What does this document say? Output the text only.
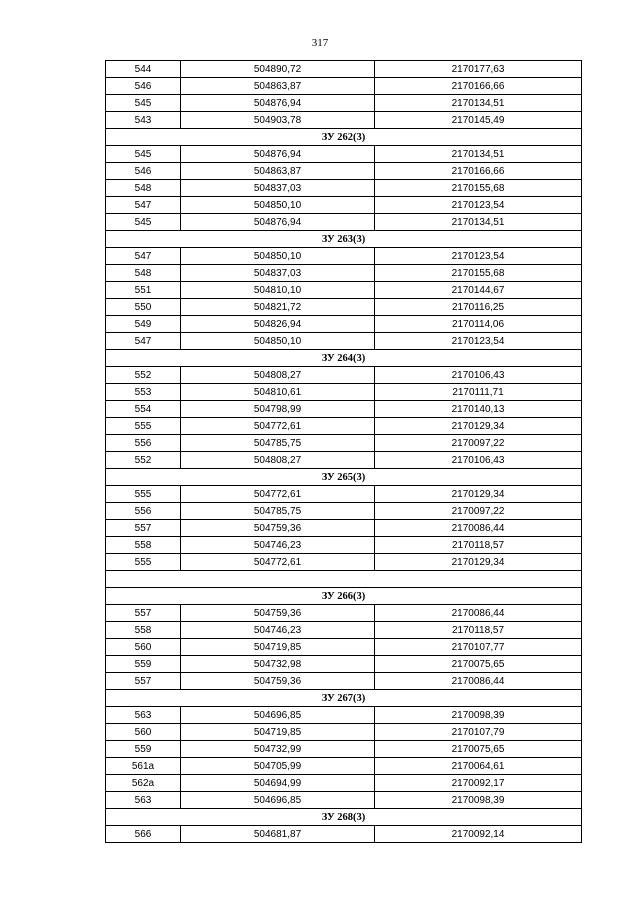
317
544	504890,72	2170177,63
546	504863,87	2170166,66
545	504876,94	2170134,51
543	504903,78	2170145,49
ЗУ 262(3)		
545	504876,94	2170134,51
546	504863,87	2170166,66
548	504837,03	2170155,68
547	504850,10	2170123,54
545	504876,94	2170134,51
ЗУ 263(3)		
547	504850,10	2170123,54
548	504837,03	2170155,68
551	504810,10	2170144,67
550	504821,72	2170116,25
549	504826,94	2170114,06
547	504850,10	2170123,54
ЗУ 264(3)		
552	504808,27	2170106,43
553	504810,61	2170111,71
554	504798,99	2170140,13
555	504772,61	2170129,34
556	504785,75	2170097,22
552	504808,27	2170106,43
ЗУ 265(3)		
555	504772,61	2170129,34
556	504785,75	2170097,22
557	504759,36	2170086,44
558	504746,23	2170118,57
555	504772,61	2170129,34

ЗУ 266(3)		
557	504759,36	2170086,44
558	504746,23	2170118,57
560	504719,85	2170107,77
559	504732,98	2170075,65
557	504759,36	2170086,44
ЗУ 267(3)		
563	504696,85	2170098,39
560	504719,85	2170107,79
559	504732,99	2170075,65
561а	504705,99	2170064,61
562а	504694,99	2170092,17
563	504696,85	2170098,39
ЗУ 268(3)		
566	504681,87	2170092,14
